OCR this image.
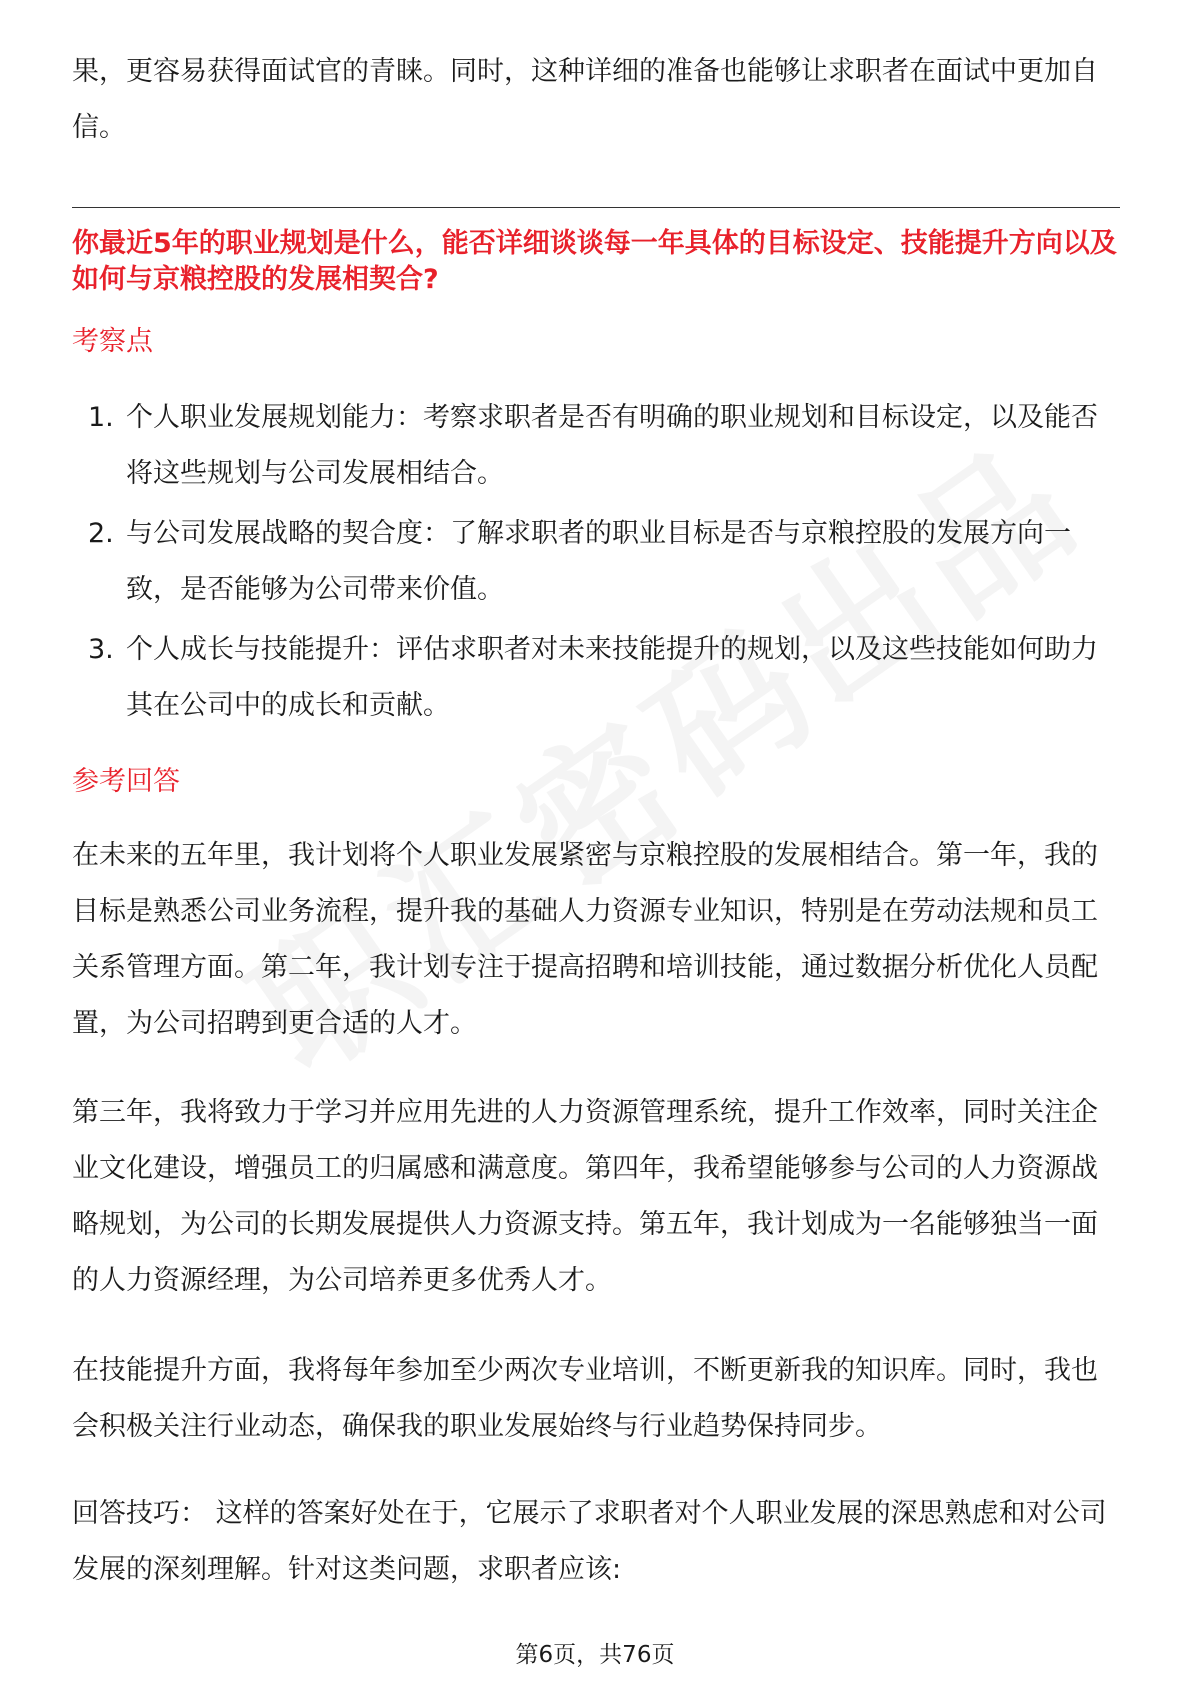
果，更容易获得面试官的青睐。同时，这种详细的准备也能够让求职者在面试中更加自信。

你最近5年的职业规划是什么，能否详细谈谈每一年具体的目标设定、技能提升方向以及如何与京粮控股的发展相契合?

考察点

1. 个人职业发展规划能力：考察求职者是否有明确的职业规划和目标设定，以及能否将这些规划与公司发展相结合。
2. 与公司发展战略的契合度：了解求职者的职业目标是否与京粮控股的发展方向一致，是否能够为公司带来价值。
3. 个人成长与技能提升：评估求职者对未来技能提升的规划，以及这些技能如何助力其在公司中的成长和贡献。

参考回答

在未来的五年里，我计划将个人职业发展紧密与京粮控股的发展相结合。第一年，我的目标是熟悉公司业务流程，提升我的基础人力资源专业知识，特别是在劳动法规和员工关系管理方面。第二年，我计划专注于提高招聘和培训技能，通过数据分析优化人员配置，为公司招聘到更合适的人才。

第三年，我将致力于学习并应用先进的人力资源管理系统，提升工作效率，同时关注企业文化建设，增强员工的归属感和满意度。第四年，我希望能够参与公司的人力资源战略规划，为公司的长期发展提供人力资源支持。第五年，我计划成为一名能够独当一面的人力资源经理，为公司培养更多优秀人才。

在技能提升方面，我将每年参加至少两次专业培训，不断更新我的知识库。同时，我也会积极关注行业动态，确保我的职业发展始终与行业趋势保持同步。

回答技巧： 这样的答案好处在于，它展示了求职者对个人职业发展的深思熟虑和对公司发展的深刻理解。针对这类问题，求职者应该:

第6页，共76页
